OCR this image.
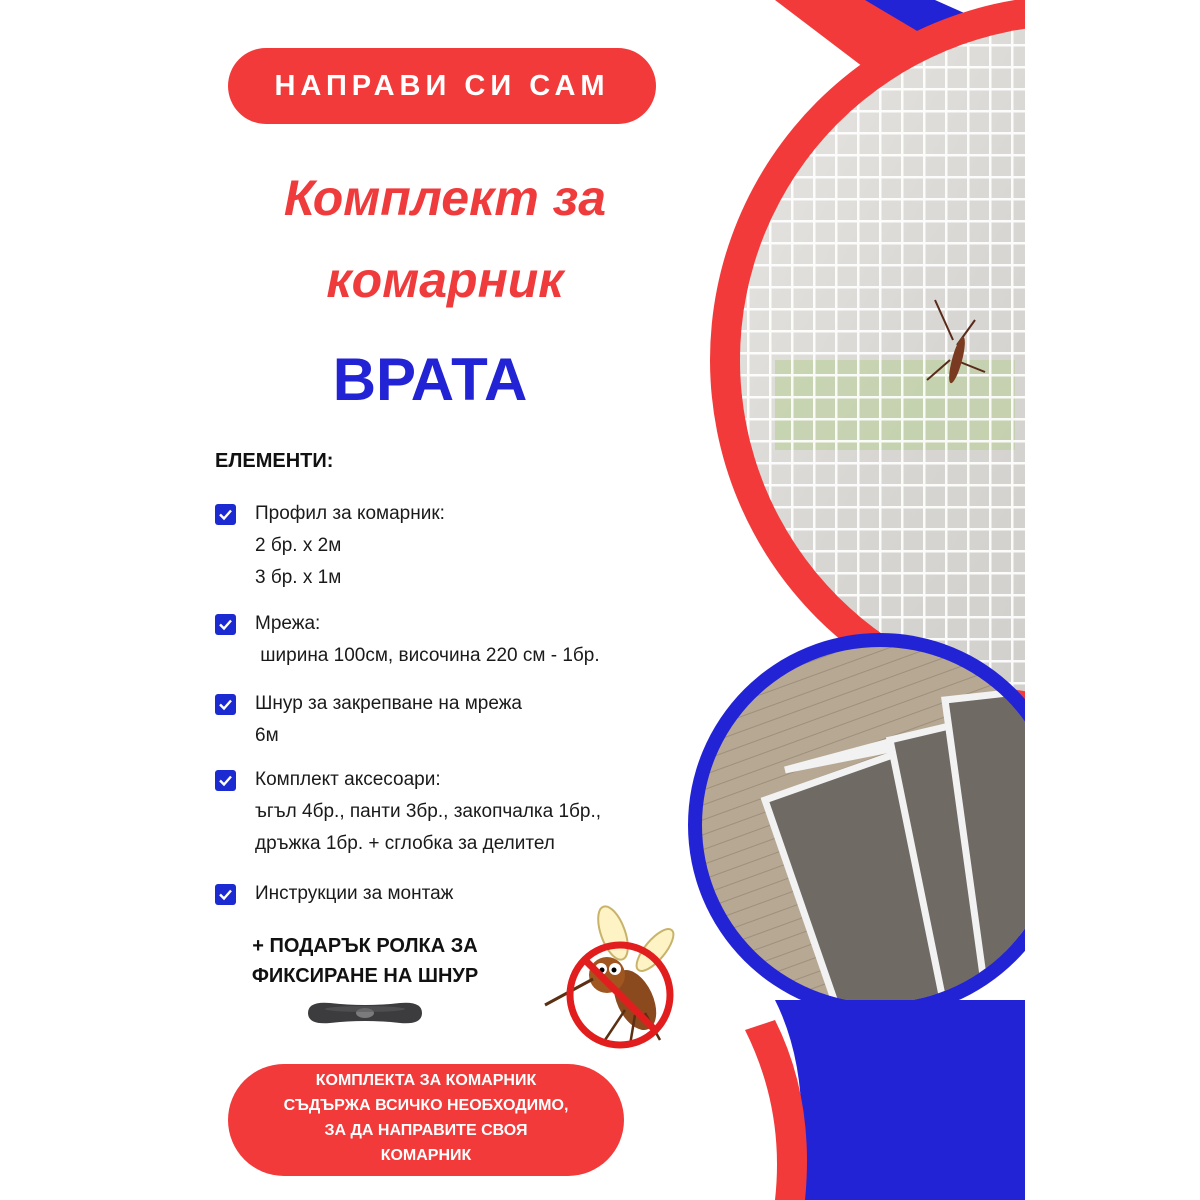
НАПРАВИ СИ САМ
Комплект за
комарник
ВРАТА
ЕЛЕМЕНТИ:
Профил за комарник:
2 бр. х 2м
3 бр. х 1м
Мрежа:
ширина 100см, височина 220 см - 1бр.
Шнур за закрепване на мрежа
6м
Комплект аксесоари:
ъгъл 4бр., панти 3бр., закопчалка 1бр.,
дръжка 1бр. + сглобка за делител
Инструкции за монтаж
+ ПОДАРЪК РОЛКА ЗА
ФИКСИРАНЕ НА ШНУР
КОМПЛЕКТА ЗА КОМАРНИК
СЪДЪРЖА ВСИЧКО НЕОБХОДИМО,
ЗА ДА НАПРАВИТЕ СВОЯ
КОМАРНИК
